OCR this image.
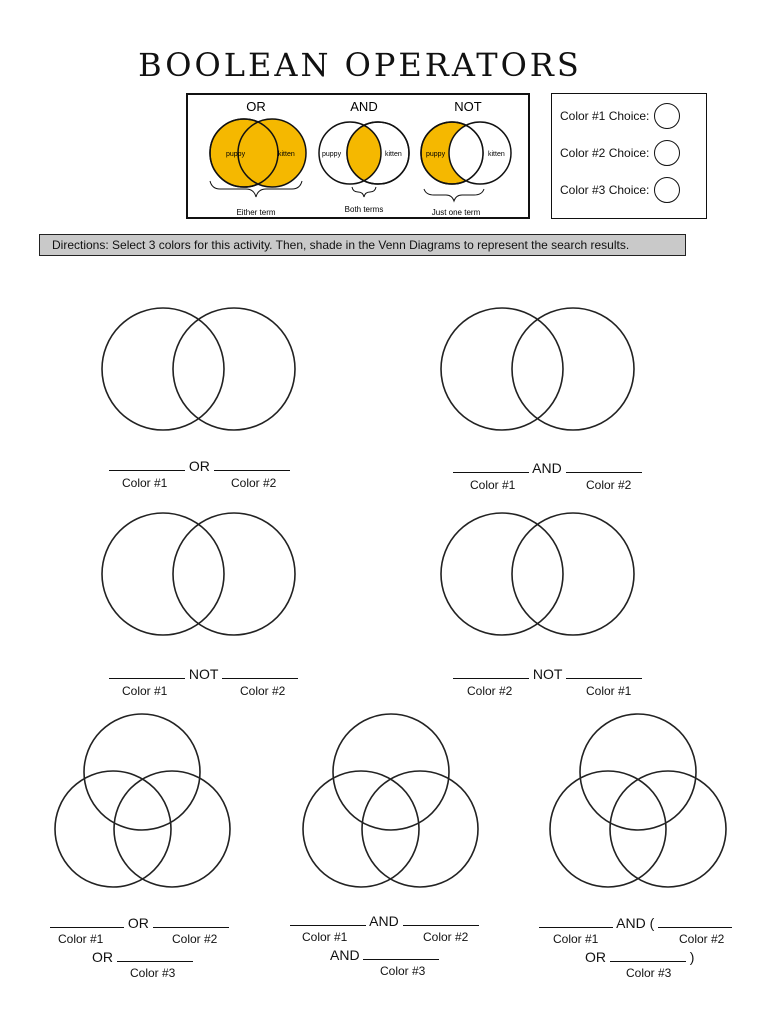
BOOLEAN OPERATORS
OR
puppy	kitten
Either term
AND
puppy	kitten
Both terms
NOT
puppy	kitten
Just one term
Color #1 Choice:
Color #2 Choice:
Color #3 Choice:
Directions: Select 3 colors for this activity. Then, shade in the Venn Diagrams to represent the search results.
OR
Color #1	Color #2
AND
Color #1	Color #2
NOT
Color #1	Color #2
NOT
Color #2	Color #1
OR
Color #1	Color #2
OR
Color #3
AND
Color #1	Color #2
AND
Color #3
AND (
Color #1	Color #2
OR	)
Color #3
